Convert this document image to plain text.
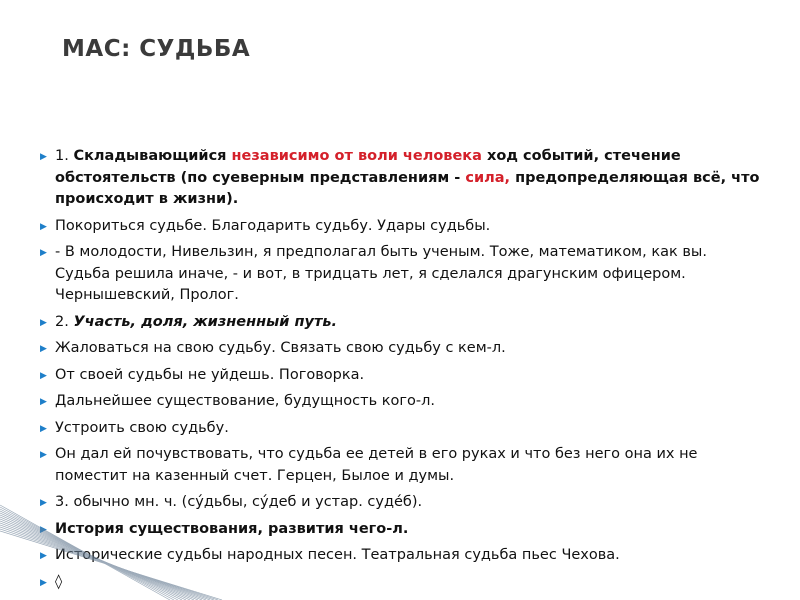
МАС: СУДЬБА
▶ 1. Складывающийся независимо от воли человека ход событий, стечение обстоятельств (по суеверным представлениям - сила, предопределяющая всё, что происходит в жизни).
▶ Покориться судьбе. Благодарить судьбу. Удары судьбы.
▶ - В молодости, Нивельзин, я предполагал быть ученым. Тоже, математиком, как вы. Судьба решила иначе, - и вот, в тридцать лет, я сделался драгунским офицером. Чернышевский, Пролог.
▶ 2. Участь, доля, жизненный путь.
▶ Жаловаться на свою судьбу. Связать свою судьбу с кем-л.
▶ От своей судьбы не уйдешь. Поговорка.
▶ Дальнейшее существование, будущность кого-л.
▶ Устроить свою судьбу.
▶ Он дал ей почувствовать, что судьба ее детей в его руках и что без него она их не поместит на казенный счет. Герцен, Былое и думы.
▶ 3. обычно мн. ч. (су́дьбы, су́деб и устар. суде́б).
▶ История существования, развития чего-л.
▶ Исторические судьбы народных песен. Театральная судьба пьес Чехова.
▶ ◊
